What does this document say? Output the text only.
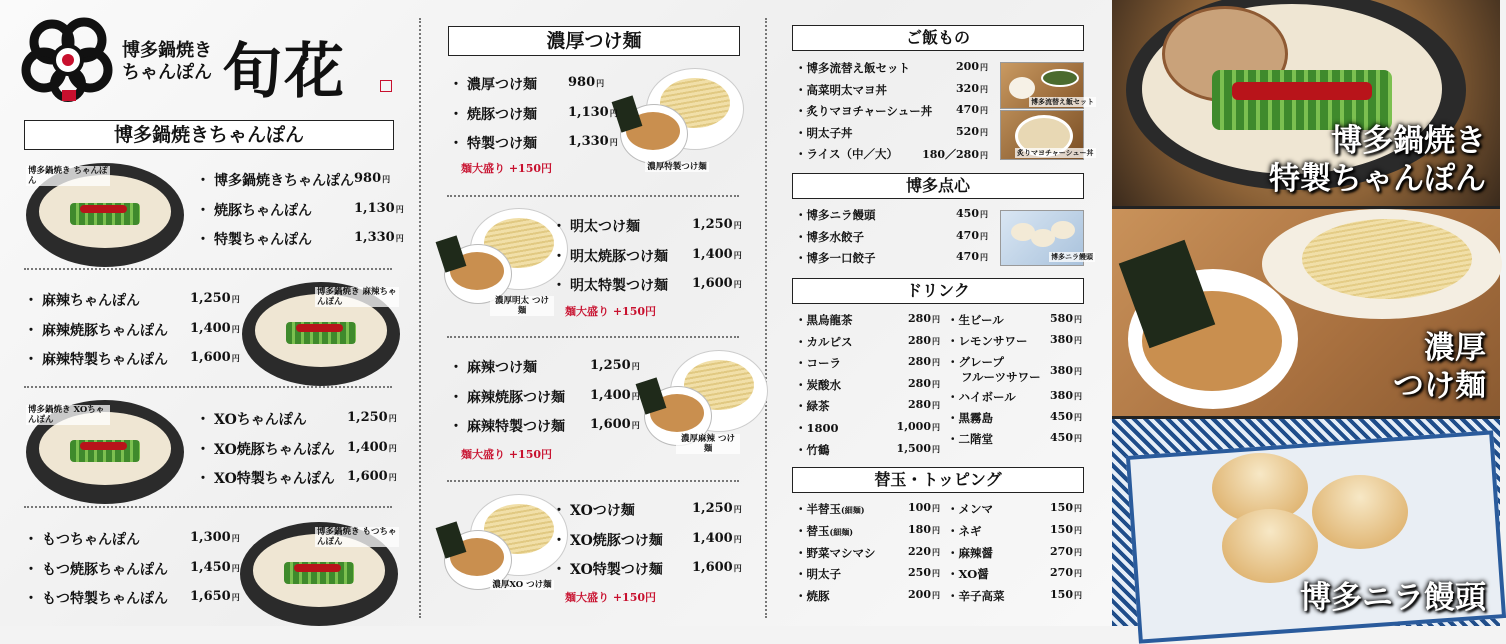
博多鍋焼き
ちゃんぽん 旬花
博多鍋焼きちゃんぽん
博多鍋焼き ちゃんぽん	・ 博多鍋焼きちゃんぽん 980円
・ 焼豚ちゃんぽん	1,130円
・ 特製ちゃんぽん	1,330円
博多鍋焼き 麻辣ちゃんぽん
・ 麻辣ちゃんぽん	1,250円
・ 麻辣焼豚ちゃんぽん 1,400円
・ 麻辣特製ちゃんぽん 1,600円
博多鍋焼き XOちゃんぽん	・ XOちゃんぽん	1,250円
・ XO焼豚ちゃんぽん 1,400円
・ XO特製ちゃんぽん 1,600円
博多鍋焼き もつちゃんぽん
・ もつちゃんぽん	1,300円
・ もつ焼豚ちゃんぽん 1,450円
・ もつ特製ちゃんぽん 1,650円
濃厚つけ麺
濃厚特製つけ麺
・ 濃厚つけ麺 980円
・ 焼豚つけ麺 1,130円
・ 特製つけ麺 1,330円
麺大盛り +150円
濃厚明太 つけ麺
・ 明太つけ麺	1,250円
・ 明太焼豚つけ麺 1,400円
・ 明太特製つけ麺 1,600円
麺大盛り +150円
濃厚麻辣 つけ麺
・ 麻辣つけ麺	1,250円
・ 麻辣焼豚つけ麺 1,400円
・ 麻辣特製つけ麺 1,600円
麺大盛り +150円
濃厚XO つけ麺
・ XOつけ麺	1,250円
・ XO焼豚つけ麺 1,400円
・ XO特製つけ麺 1,600円
麺大盛り +150円
ご飯もの
・博多流替え飯セット	200円
・高菜明太マヨ丼	320円
・炙りマヨチャーシュー丼	470円
・明太子丼	520円
・ライス（中／大）	180／280円
博多流替え飯セット
炙りマヨチャーシュー丼
博多点心
・博多ニラ饅頭	450円
・博多水餃子	470円
・博多一口餃子	470円	博多ニラ饅頭
ドリンク
・黒烏龍茶	280円
・カルピス	280円
・コーラ	280円
・炭酸水	280円
・緑茶	280円
・1800	1,000円
・竹鶴	1,500円
・生ビール	580円
・レモンサワー	380円
・グレープ
フルーツサワー 380円
・ハイボール	380円
・黒霧島	450円
・二階堂	450円
替玉・トッピング
・半替玉(細麺)	100円
・替玉(細麺)	180円
・野菜マシマシ	220円
・明太子	250円
・焼豚	200円
・メンマ	150円
・ネギ	150円
・麻辣醤	270円
・XO醤	270円
・辛子高菜	150円
博多鍋焼き
特製ちゃんぽん
濃厚
つけ麺
博多ニラ饅頭
